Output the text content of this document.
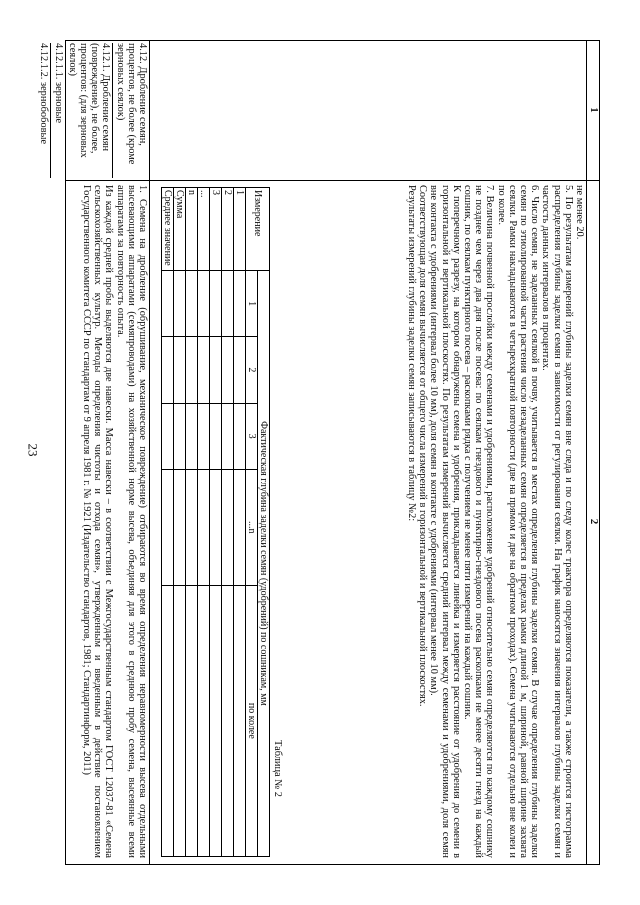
23
1
2

не менее 20.

5. По результатам измерений глубины заделки семян вне следа и по следу колес трактора определяются показатели, а также строится гистограмма распределения глубины заделки семян в зависимости от регулирования сеялки. На график наносятся значения интервалов глубины заделки семян и частость данных интервалов в процентах.

6. Число семян, не заделанных сеялкой в почву, учитывается в местах определения глубины заделки семян. В случае определения глубины заделки семян по этиолированной части растения число незаделанных семян определяется в пределах рамки длиной 1 м, шириной, равной ширине захвата сеялки. Рамки накладываются в четырехкратной повторности (две на прямом и две на обратном проходах). Семена учитываются отдельно вне колеи и по колее.

7. Величина почвенной прослойки между семенами и удобрениями, расположение удобрений относительно семян определяются по каждому сошнику не позднее чем через два дня после посева: по сеялкам гнездового и пунктирно-гнездового посева раскопками не менее десяти гнезд на каждый сошник, по сеялкам пунктирного посева – раскопками рядка с получением не менее пяти измерений на каждый сошник.

К поперечному разрезу, на котором обнаружены семена и удобрения, прикладывается линейка и измеряется расстояние от удобрения до семени в горизонтальной и вертикальной плоскостях. По результатам измерений вычисляется средний интервал между семенами и удобрениями, доля семян вне контакта с удобрениями (интервал более 10 мм), доля семян в контакте с удобрениями (интервал менее 10 мм).

Соответствующая доля семян вычисляется от общего числа измерений в горизонтальной и вертикальной плоскостях.

Результаты измерений глубины заделки семян записываются в таблицу №2:

Таблица № 2
Измерение	Фактическая глубина заделки семян (удобрений) по сошникам, мм				
	1	2	3	...n	по колее
1					
2					
3					
...					
n					
Сумма					
Среднее значение					
4.12. Дробление семян, процентов, не более (кроме зерновых сеялок)
4.12.1. Дробление семян (повреждение), не более, процентов: (для зерновых сеялок)
4.12.1.1. зерновые
4.12.1.2. зернобобовые

1. Семена на дробление (обрушивание, механическое повреждение) отбираются во время определения неравномерности высева отдельными высевающими аппаратами (семяпроводами) на хозяйственной норме высева, объединяя для этого в среднюю пробу семена, высеянные всеми аппаратами за повторность опыта.

Из каждой средней пробы выделяются две навески. Масса навески – в соответствии с Межгосударственным стандартом ГОСТ 12037-81 «Семена сельскохозяйственных культур. Методы определения чистоты и отхода семян», утвержденным и введенным в действие постановлением Государственного комитета СССР по стандартам от 9 апреля 1981 г. № 1921 (Издательство стандартов, 1981; Стандартинформ, 2011)
